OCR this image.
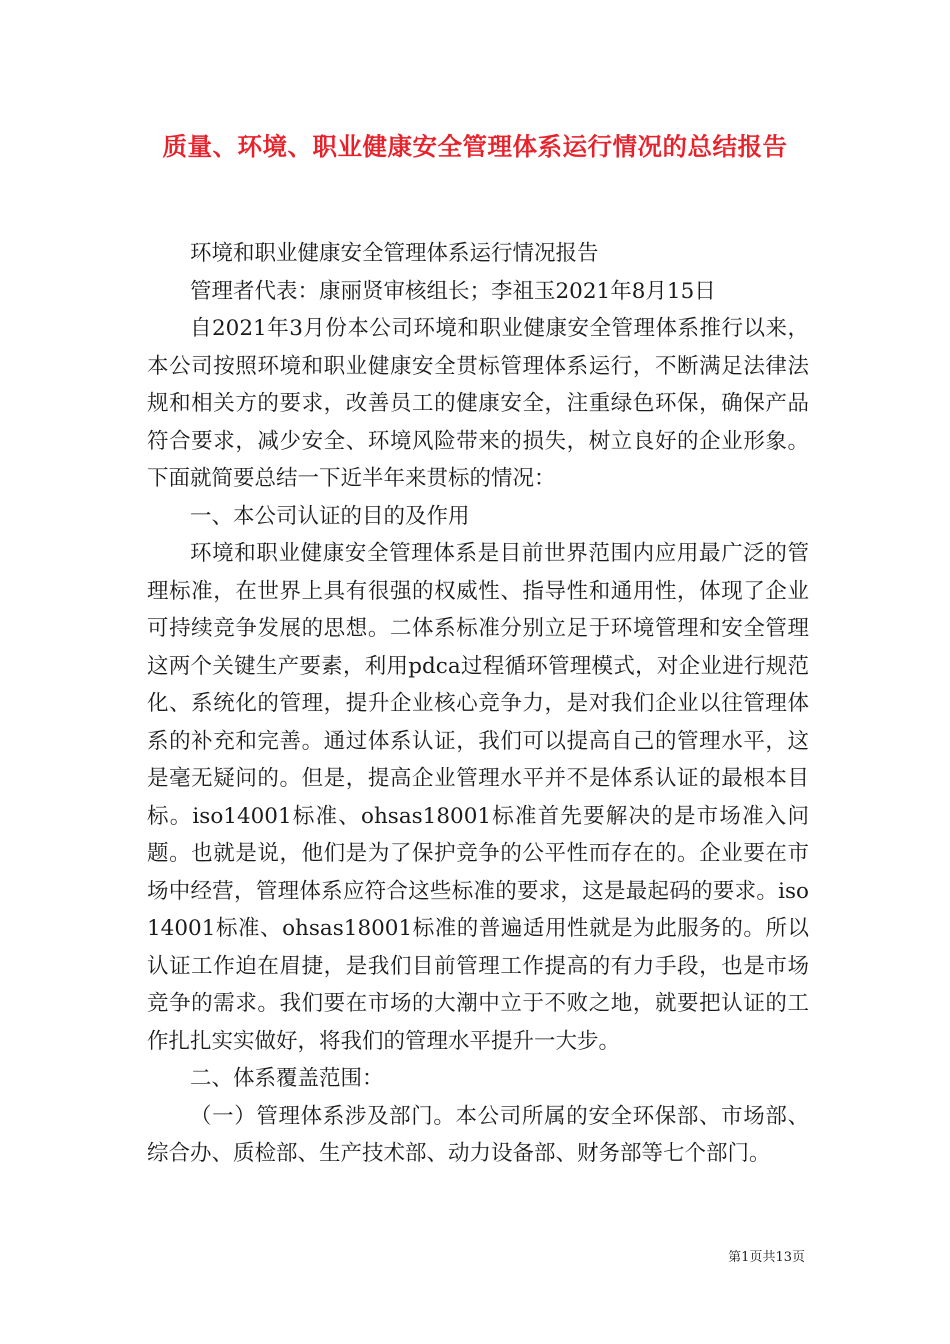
质量、环境、职业健康安全管理体系运行情况的总结报告

环境和职业健康安全管理体系运行情况报告

管理者代表：康丽贤审核组长；李祖玉2021年8月15日

自2021年3月份本公司环境和职业健康安全管理体系推行以来，本公司按照环境和职业健康安全贯标管理体系运行，不断满足法律法规和相关方的要求，改善员工的健康安全，注重绿色环保，确保产品符合要求，减少安全、环境风险带来的损失，树立良好的企业形象。下面就简要总结一下近半年来贯标的情况：

一、本公司认证的目的及作用

环境和职业健康安全管理体系是目前世界范围内应用最广泛的管理标准，在世界上具有很强的权威性、指导性和通用性，体现了企业可持续竞争发展的思想。二体系标准分别立足于环境管理和安全管理这两个关键生产要素，利用pdca过程循环管理模式，对企业进行规范化、系统化的管理，提升企业核心竞争力，是对我们企业以往管理体系的补充和完善。通过体系认证，我们可以提高自己的管理水平，这是毫无疑问的。但是，提高企业管理水平并不是体系认证的最根本目标。iso14001标准、ohsas18001标准首先要解决的是市场准入问题。也就是说，他们是为了保护竞争的公平性而存在的。企业要在市场中经营，管理体系应符合这些标准的要求，这是最起码的要求。iso14001标准、ohsas18001标准的普遍适用性就是为此服务的。所以认证工作迫在眉捷，是我们目前管理工作提高的有力手段，也是市场竞争的需求。我们要在市场的大潮中立于不败之地，就要把认证的工作扎扎实实做好，将我们的管理水平提升一大步。

二、体系覆盖范围：

（一）管理体系涉及部门。本公司所属的安全环保部、市场部、综合办、质检部、生产技术部、动力设备部、财务部等七个部门。

第1页共13页
